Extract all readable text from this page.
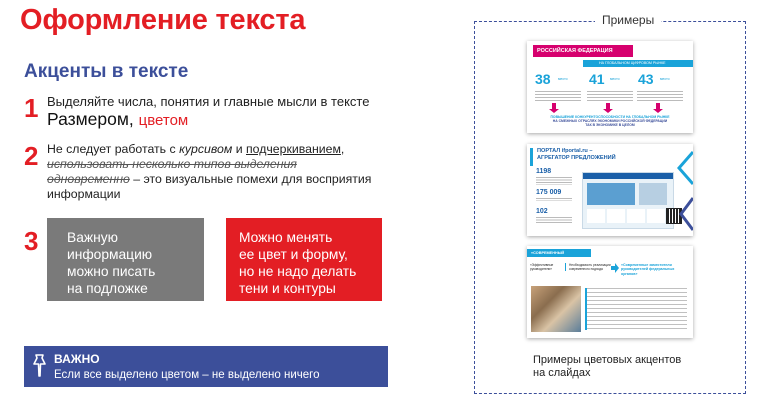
Оформление текста
Акценты в тексте
1 Выделяйте числа, понятия и главные мысли в тексте
Размером, цветом
2 Не следует работать с курсивом и подчеркиванием, использовать несколько типов выделения одновременно – это визуальные помехи для восприятия информации
3 Важную
информацию
можно писать
на подложке
Можно менять
ее цвет и форму,
но не надо делать
тени и контуры
ВАЖНО
Если все выделено цветом – не выделено ничего
Примеры
РОССИЙСКАЯ ФЕДЕРАЦИЯ
НА ГЛОБАЛЬНОМ ЦИФРОВОМ РЫНКЕ
38 место 41 место 43 место
ПОВЫШЕНИЕ КОНКУРЕНТОСПОСОБНОСТИ НА ГЛОБАЛЬНОМ РЫНКЕ
НА СМЕЖНЫХ ОТРАСЛЯХ ЭКОНОМИКИ РОССИЙСКОЙ ФЕДЕРАЦИИ
ТАК В ЭКОНОМИКЕ В ЦЕЛОМ
ПОРТАЛ ifportal.ru –
АГРЕГАТОР ПРЕДЛОЖЕНИЙ
1198
175 009
102
«СОВРЕМЕННЫЙ ЗАМЕСТИТЕЛЬ»
«Эффективные руководители»
Необходимость реализации современного подхода
«Современные заместители руководителей федеральных органов»
Примеры цветовых акцентов
на слайдах
